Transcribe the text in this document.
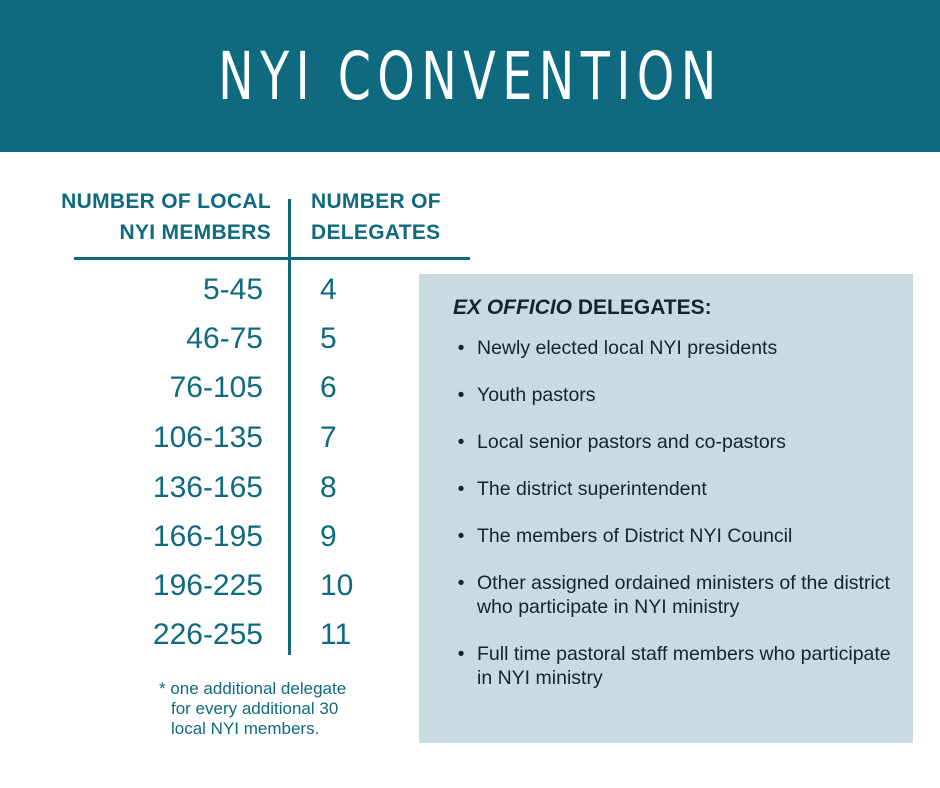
NYI CONVENTION
NUMBER OF LOCAL
NYI MEMBERS
NUMBER OF
DELEGATES
5-45 4
46-75 5
76-105 6
106-135 7
136-165 8
166-195 9
196-225 10
226-255 11
* one additional delegate
for every additional 30
local NYI members.
EX OFFICIO DELEGATES:
• Newly elected local NYI presidents
• Youth pastors
• Local senior pastors and co-pastors
• The district superintendent
• The members of District NYI Council
• Other assigned ordained ministers of the district who participate in NYI ministry
• Full time pastoral staff members who participate in NYI ministry
